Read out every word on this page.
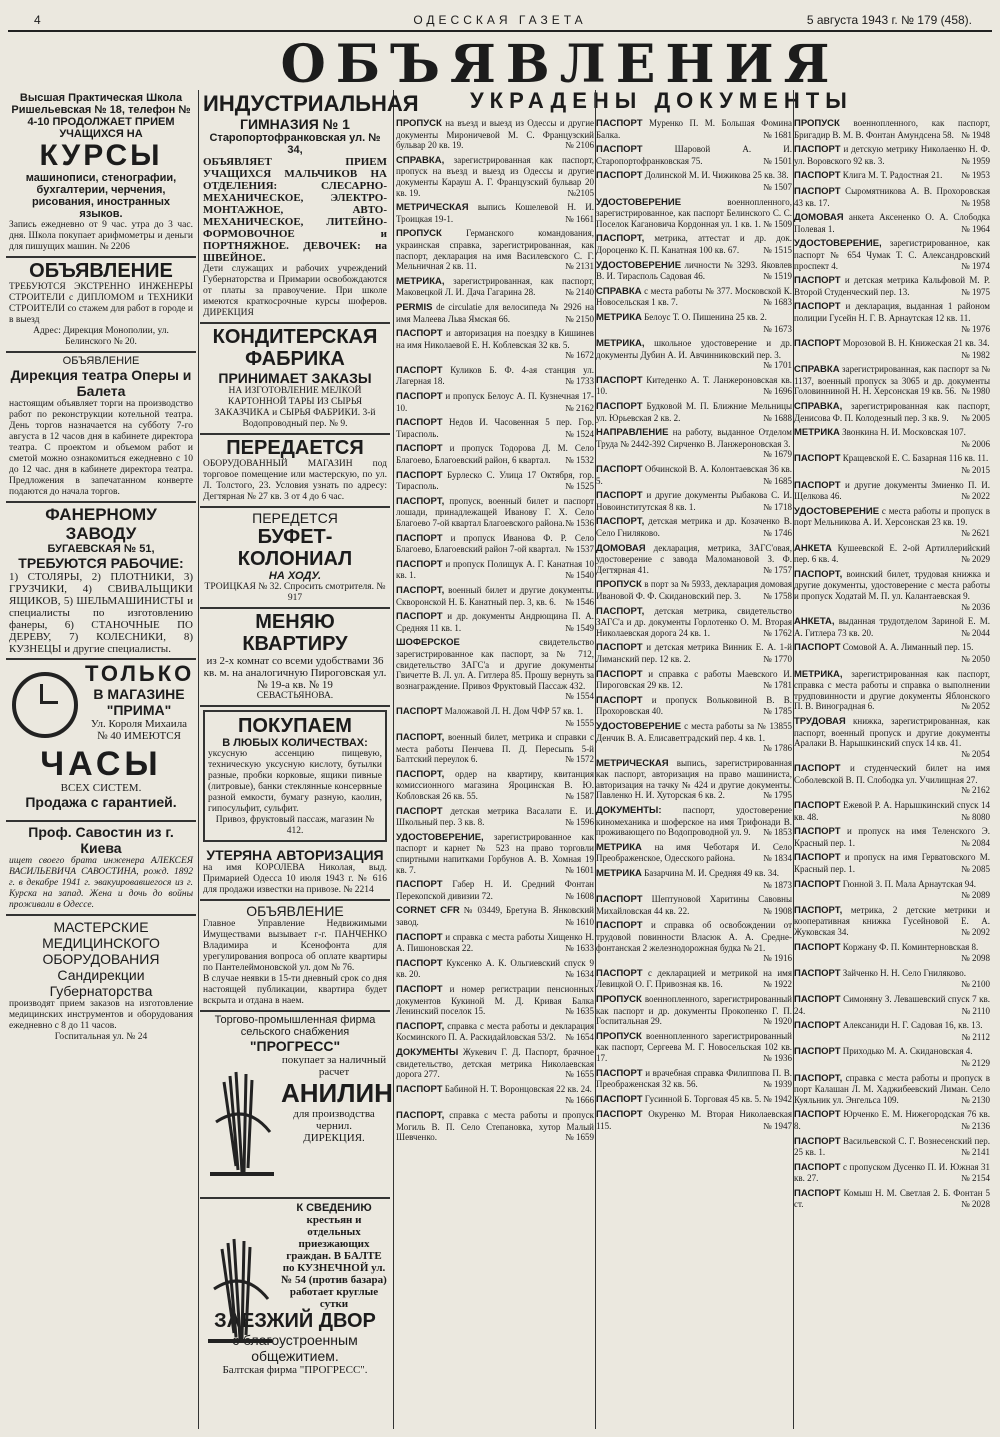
4	ОДЕССКАЯ ГАЗЕТА	5 августа 1943 г. № 179 (458).
ОБЪЯВЛЕНИЯ
УКРАДЕНЫ ДОКУМЕНТЫ
Высшая Практическая Школа Ришельевская № 18, телефон № 4-10 ПРОДОЛЖАЕТ ПРИЕМ УЧАЩИХСЯ НА
КУРСЫ
машинописи, стенографии, бухгалтерии, черчения, рисования, иностранных языков.
Запись ежедневно от 9 час. утра до 3 час. дня. Школа покупает арифмометры и деньги для пишущих машин. № 2206
ОБЪЯВЛЕНИЕ
ТРЕБУЮТСЯ ЭКСТРЕННО ИНЖЕНЕРЫ СТРОИТЕЛИ с ДИПЛОМОМ и ТЕХНИКИ СТРОИТЕЛИ со стажем для работ в городе и в выезд
Адрес: Дирекция Монополии, ул. Белинского № 20.
ОБЪЯВЛЕНИЕ
Дирекция театра Оперы и Балета
настоящим объявляет торги на производство работ по реконструкции котельной театра. День торгов назначается на субботу 7-го августа в 12 часов дня в кабинете директора театра. С проектом и объемом работ и сметой можно ознакомиться ежедневно с 10 до 12 час. дня в кабинете директора театра. Предложения в запечатанном конверте подаются до начала торгов.
ФАНЕРНОМУ ЗАВОДУ
БУГАЕВСКАЯ № 51,
ТРЕБУЮТСЯ РАБОЧИЕ:
1) СТОЛЯРЫ, 2) ПЛОТНИКИ, 3) ГРУЗЧИКИ, 4) СВИВАЛЬЩИКИ ЯЩИКОВ, 5) ШЕЛЬМАШИНИСТЫ и специалисты по изготовлению фанеры, 6) СТАНОЧНЫЕ ПО ДЕРЕВУ, 7) КОЛЕСНИКИ, 8) КУЗНЕЦЫ и другие специалисты.
ТОЛЬКО
В МАГАЗИНЕ "ПРИМА"
Ул. Короля Михаила № 40 ИМЕЮТСЯ
ЧАСЫ
ВСЕХ СИСТЕМ.
Продажа с гарантией.
Проф. Савостин из г. Киева
ищет своего брата инженера АЛЕКСЕЯ ВАСИЛЬЕВИЧА САВОСТИНА, рожд. 1892 г. в декабре 1941 г. эвакуировавшегося из г. Курска на запад. Жена и дочь до войны проживали в Одессе.
МАСТЕРСКИЕ МЕДИЦИНСКОГО ОБОРУДОВАНИЯ Сандирекции Губернаторства
производят прием заказов на изготовление медицинских инструментов и оборудования ежедневно с 8 до 11 часов.
Госпитальная ул. № 24
ИНДУСТРИАЛЬНАЯ
ГИМНАЗИЯ № 1
Старопортофранковская ул. № 34,
ОБЪЯВЛЯЕТ ПРИЕМ УЧАЩИХСЯ МАЛЬЧИКОВ НА ОТДЕЛЕНИЯ: СЛЕСАРНО-МЕХАНИЧЕСКОЕ, ЭЛЕКТРО-МОНТАЖНОЕ, АВТО-МЕХАНИЧЕСКОЕ, ЛИТЕЙНО-ФОРМОВОЧНОЕ и ПОРТНЯЖНОЕ. ДЕВОЧЕК: на ШВЕЙНОЕ.
Дети служащих и рабочих учреждений Губернаторства и Примарии освобождаются от платы за правоучение. При школе имеются краткосрочные курсы шоферов. ДИРЕКЦИЯ
КОНДИТЕРСКАЯ ФАБРИКА
ПРИНИМАЕТ ЗАКАЗЫ
НА ИЗГОТОВЛЕНИЕ МЕЛКОЙ КАРТОННОЙ ТАРЫ ИЗ СЫРЬЯ ЗАКАЗЧИКА и СЫРЬЯ ФАБРИКИ. 3-й Водопроводный пер. № 9.
ПЕРЕДАЕТСЯ
ОБОРУДОВАННЫЙ МАГАЗИН под торговое помещение или мастерскую, по ул. Л. Толстого, 23. Условия узнать по адресу: Дегтярная № 27 кв. 3 от 4 до 6 час.
ПЕРЕДЕТСЯ
БУФЕТ-КОЛОНИАЛ
НА ХОДУ.
ТРОИЦКАЯ № 32. Спросить смотрителя. № 917
МЕНЯЮ КВАРТИРУ
из 2-х комнат со всеми удобствами 36 кв. м. на аналогичную Пироговская ул. № 19-а кв. № 19
СЕВАСТЬЯНОВА.
ПОКУПАЕМ
В ЛЮБЫХ КОЛИЧЕСТВАХ:
уксусную ассенцию пищевую, техническую уксусную кислоту, бутылки разные, пробки корковые, ящики пивные (литровые), банки стеклянные консервные разной емкости, бумагу разную, каолин, гипосульфит, сульфит.
Привоз, фруктовый пассаж, магазин № 412.
УТЕРЯНА АВТОРИЗАЦИЯ
на имя КОРОЛЕВА Николая, выд. Примарией Одесса 10 июля 1943 г. № 616 для продажи известки на привозе. № 2214
ОБЪЯВЛЕНИЕ
Главное Управление Недвижимыми Имуществами вызывает г-г. ПАНЧЕНКО Владимира и Ксенофонта для урегулирования вопроса об оплате квартиры по Пантелеймоновской ул. дом № 76.
В случае неявки в 15-ти дневный срок со дня настоящей публикации, квартира будет вскрыта и отдана в наем.
Торгово-промышленная фирма сельского снабжения
"ПРОГРЕСС"
покупает за наличный расчет
АНИЛИН
для производства чернил.
ДИРЕКЦИЯ.
К СВЕДЕНИЮ
крестьян и отдельных приезжающих граждан. В БАЛТЕ по КУЗНЕЧНОЙ ул. № 54 (против базара) работает круглые сутки
ЗАЕЗЖИЙ ДВОР
с благоустроенным общежитием.
Балтская фирма "ПРОГРЕСС".
ПРОПУСК на въезд и выезд из Одессы и другие документы Мироничевой М. С. Французский бульвар 20 кв. 19.	№ 2106
СПРАВКА, зарегистрированная как паспорт, пропуск на въезд и выезд из Одессы и другие документы Карауш А. Г. Французский бульвар 20 кв. 19.	№2105
МЕТРИЧЕСКАЯ выпись Кошелевой Н. И. Троицкая 19-1.	№ 1661
ПРОПУСК	Германского командования, украинская справка, зарегистрированная, как паспорт, декларация на имя Василевского С. Г. Мельничная 2 кв. 11.	№ 2131
МЕТРИКА, зарегистрированная, как паспорт, Маковецкой Л. И. Дача Гагарина 28.	№ 2140
PERMIS de circulatie для велосипеда № 2926 на имя Малеева Льва Ямская 66.	№ 2150
ПАСПОРТ и авторизация на поездку в Кишинев на имя Николаевой Е. Н. Коблевская 32 кв. 5.
№ 1672
ПАСПОРТ Куликов Б. Ф. 4-ая станция ул. Лагерная 18.	№ 1733
ПАСПОРТ и пропуск Белоус А. П. Кузнечная 17-10.	№ 2162
ПАСПОРТ Недов И. Часовенная 5 пер. Гор. Тирасполь.	№ 1524
ПАСПОРТ и пропуск Тодорова Д. М. Село Благоево, Благоевский район, 6 квартал. № 1532
ПАСПОРТ Бурлеско С. Улица 17 Октября, гор. Тирасполь.	№ 1525
ПАСПОРТ, пропуск, военный билет и паспорт лошади, принадлежащей Иванову Г. Х. Село Благоево 7-ой квартал Благоевского района. № 1536
ПАСПОРТ и пропуск Иванова Ф. Р. Село Благоево, Благоевский район 7-ой квартал. № 1537
ПАСПОРТ и пропуск Полищук А. Г. Канатная 10 кв. 1.	№ 1540
ПАСПОРТ, военный билет и другие документы. Скворонской Н. Б. Канатный пер. 3, кв. 6. № 1546
ПАСПОРТ и др. документы Андрющина П. А. Средняя 11 кв. 1.	№ 1549
ШОФЕРСКОЕ	свидетельство зарегистрированное как паспорт, за № 712, свидетельство ЗАГС'а и другие документы Гвичетте В. Л. ул. А. Гитлера 85. Прошу вернуть за вознаграждение. Привоз Фруктовый Пассаж 432.
№ 1554
ПАСПОРТ Маложавой Л. Н. Дом ЧФР 57 кв. 1.
№ 1555
ПАСПОРТ, военный билет, метрика и справки с места работы Пенчева П. Д. Пересыпь 5-й Балтский переулок 6.	№ 1572
ПАСПОРТ, ордер на квартиру, квитанция комиссионного магазина Яроцинская В. Ю. Кобловская 26 кв. 55.	№ 1587
ПАСПОРТ детская метрика Васалати Е. И. Школьный пер. 3 кв. 8.	№ 1596
УДОСТОВЕРЕНИЕ, зарегистрированное как паспорт и карнет № 523 на право торговли спиртными напитками Горбунов А. В. Хомная 19 кв. 7.	№ 1601
ПАСПОРТ Габер Н. И. Средний Фонтан Перекопской дивизии 72.	№ 1608
CORNET CFR № 03449, Бретуна В. Янковский завод.	№ 1610
ПАСПОРТ и справка с места работы Хищенко Н. А. Пишоновская 22.	№ 1633
ПАСПОРТ Куксенко А. К. Ольгиевский спуск 9 кв. 20.	№ 1634
ПАСПОРТ и номер регистрации пенсионных документов Кукиной М. Д. Кривая Балка Ленинский поселок 15.	№ 1635
ПАСПОРТ, справка с места работы и декларация Косминского П. А. Раскидайловская 53/2. № 1654
ДОКУМЕНТЫ Жукевич Г. Д. Паспорт, брачное свидетельство, детская метрика Николаевская дорога 277.	№ 1655
ПАСПОРТ Бабиной Н. Т. Воронцовская 22 кв. 24.
№ 1666
ПАСПОРТ, справка с места работы и пропуск Могиль В. П. Село Степановка, хутор Малый Шевченко.	№ 1659
ПАСПОРТ Муренко П. М. Большая Фомина Балка.	№ 1681
ПАСПОРТ	Шаровой А. И. Старопортофранковская 75.	№ 1501
ПАСПОРТ Долинской М. И. Чижикова 25 кв. 38.
№ 1507
УДОСТОВЕРЕНИЕ	военнопленного, зарегистрированное, как паспорт Белинского С. С. Поселок Кагановича Кордонная ул. 1 кв. 1. № 1509
ПАСПОРТ, метрика, аттестат и др. док. Дороценко К. П. Канатная 100 кв. 67.	№ 1515
УДОСТОВЕРЕНИЕ личности № 3293. Яковлев В. И. Тирасполь Садовая 46.	№ 1519
СПРАВКА с места работы № 377. Московской К. Новосельская 1 кв. 7.	№ 1683
МЕТРИКА Белоус Т. О. Пишенина 25 кв. 2.
№ 1673
МЕТРИКА, школьное удостоверение и др. документы Дубин А. И. Авчинниковский пер. 3.
№ 1701
ПАСПОРТ Китеденко А. Т. Ланжероновская кв. 10.	№ 1696
ПАСПОРТ Будковой М. П. Ближние Мельницы ул. Юрьевская 2 кв. 2.	№ 1688
НАПРАВЛЕНИЕ на работу, выданное Отделом Труда № 2442-392 Сирченко В. Ланжероновская 3.
№ 1679
ПАСПОРТ Обчинской В. А. Колонтаевская 36 кв. 5.	№ 1685
ПАСПОРТ и другие документы Рыбакова С. И. Новоинститутская 8 кв. 1.	№ 1718
ПАСПОРТ, детская метрика и др. Козаченко В. Село Гниляково.	№ 1746
ДОМОВАЯ декларация, метрика, ЗАГС'овая, удостоверение с завода Маломановой З. Ф. Дегтярная 41.	№ 1757
ПРОПУСК в порт за № 5933, декларация домовая Ивановой Ф. Ф. Скидановский пер. 3. № 1758
ПАСПОРТ, детская метрика, свидетельство ЗАГС'а и др. документы Горлотенко О. М. Вторая Николаевская дорога 24 кв. 1.	№ 1762
ПАСПОРТ и детская метрика Винник Е. А. 1-й Лиманский пер. 12 кв. 2.	№ 1770
ПАСПОРТ и справка с работы Маевского И. Пироговская 29 кв. 12.	№ 1781
ПАСПОРТ и пропуск Вольковиной В. В. Прохоровская 40.	№ 1785
УДОСТОВЕРЕНИЕ с места работы за № 13855 Денчик В. А. Елисаветградский пер. 4 кв. 1.
№ 1786
МЕТРИЧЕСКАЯ выпись, зарегистрированная как паспорт, авторизация на право машиниста, авторизация на тачку № 424 и другие документы. Павленко Н. И. Хуторская 6 кв. 2.	№ 1795
ДОКУМЕНТЫ: паспорт, удостоверение киномеханика и шоферское на имя Трифонади В. проживающего по Водопроводной ул. 9. № 1853
МЕТРИКА на имя Чеботаря И. Село Преображенское, Одесского района.	№ 1834
МЕТРИКА Базарчина М. И. Средняя 49 кв. 34.
№ 1873
ПАСПОРТ Шептуновой Харитины Савовны Михайловская 44 кв. 22.	№ 1908
ПАСПОРТ и справка об освобождении от трудовой повинности Власюк А. А. Средне-фонтанская 2 железнодорожная будка № 21.
№ 1916
ПАСПОРТ с декларацией и метрикой на имя Левицкой О. Г. Привозная кв. 16.	№ 1922
ПРОПУСК военнопленного, зарегистрированный как паспорт и др. документы Прокопенко Г. П. Госпитальная 29.	№ 1920
ПРОПУСК военнопленного зарегистрированный как паспорт, Сергеева М. Г. Новосельская 102 кв. 17.	№ 1936
ПАСПОРТ и врачебная справка Филиппова П. В. Преображенская 32 кв. 56.	№ 1939
ПАСПОРТ Гусинной Б. Торговая 45 кв. 5. № 1942
ПАСПОРТ Окуренко М. Вторая Николаевская 115.	№ 1947
ПРОПУСК военнопленного, как паспорт, Бригадир В. М. В. Фонтан Амундсена 58. № 1948
ПАСПОРТ и детскую метрику Николаенко Н. Ф. ул. Воровского 92 кв. 3.	№ 1959
ПАСПОРТ Клига М. Т. Радостная 21. № 1953
ПАСПОРТ Сыромятникова А. В. Прохоровская 43 кв. 17.	№ 1958
ДОМОВАЯ анкета Аксененко О. А. Слободка Полевая 1.	№ 1964
УДОСТОВЕРЕНИЕ, зарегистрированное, как паспорт № 654 Чумак Т. С. Александровский проспект 4.	№ 1974
ПАСПОРТ и детская метрика Кальфовой М. Р. Второй Студенческий пер. 13.	№ 1975
ПАСПОРТ и декларация, выданная 1 районом полиции Гусейн Н. Г. В. Арнаутская 12 кв. 11.
№ 1976
ПАСПОРТ Морозовой В. Н. Книжеская 21 кв. 34.
№ 1982
СПРАВКА зарегистрированная, как паспорт за № 1137, военный пропуск за 3065 и др. документы Головинниной Н. Н. Херсонская 19 кв. 56. № 1980
СПРАВКА, зарегистрированная как паспорт, Денисова Ф. П. Колодезный пер. 3 кв. 9. № 2005
МЕТРИКА Звонкина Н. И. Московская 107.
№ 2006
ПАСПОРТ Кращевской Е. С. Базарная 116 кв. 11.
№ 2015
ПАСПОРТ и другие документы Змиенко П. И. Щелкова 46.	№ 2022
УДОСТОВЕРЕНИЕ с места работы и пропуск в порт Мельникова А. И. Херсонская 23 кв. 19.
№ 2621
АНКЕТА Кушеевской Е. 2-ой Артиллерийский пер. 6 кв. 4.	№ 2029
ПАСПОРТ, воинский билет, трудовая книжка и другие документы, удостоверение с места работы и пропуск Ходатай М. П. ул. Калантаевская 9.
№ 2036
АНКЕТА, выданная трудотделом Зариной Е. М. А. Гитлера 73 кв. 20.	№ 2044
ПАСПОРТ Сомовой А. А. Лиманный пер. 15.
№ 2050
МЕТРИКА, зарегистрированная как паспорт, справка с места работы и справка о выполнении трудповинности и другие документы Яблонского П. В. Виноградная 6.	№ 2052
ТРУДОВАЯ книжка, зарегистрированная, как паспорт, военный пропуск и другие документы Аралаки В. Нарышкинский спуск 14 кв. 41.
№ 2054
ПАСПОРТ и студенческий билет на имя Соболевской В. П. Слободка ул. Училищная 27.
№ 2162
ПАСПОРТ Ежевой Р. А. Нарышкинский спуск 14 кв. 48.	№ 8080
ПАСПОРТ и пропуск на имя Теленского Э. Красный пер. 1.	№ 2084
ПАСПОРТ и пропуск на имя Герватовского М. Красный пер. 1.	№ 2085
ПАСПОРТ Гюнной З. П. Мала Арнаутская 94.
№ 2089
ПАСПОРТ, метрика, 2 детские метрики и кооперативная книжка Гусейновой Е. А. Жуковская 34.	№ 2092
ПАСПОРТ Коржану Ф. П. Коминтерновская 8.
№ 2098
ПАСПОРТ Зайченко Н. Н. Село Гниляково.
№ 2100
ПАСПОРТ Симоняну З. Левашевский спуск 7 кв. 24.	№ 2110
ПАСПОРТ Алексаниди Н. Г. Садовая 16, кв. 13.
№ 2112
ПАСПОРТ Приходько М. А. Скидановская 4.
№ 2129
ПАСПОРТ, справка с места работы и пропуск в порт Калашан Л. М. Хаджибеевский Лиман. Село Куяльник ул. Энгельса 109.	№ 2130
ПАСПОРТ Юрченко Е. М. Нижегородская 76 кв. 8.	№ 2136
ПАСПОРТ Васильевской С. Г. Вознесенский пер. 25 кв. 1.	№ 2141
ПАСПОРТ с пропуском Дусенко П. И. Южная 31 кв. 27.	№ 2154
ПАСПОРТ Комыш Н. М. Светлая 2. Б. Фонтан 5 ст.	№ 2028
